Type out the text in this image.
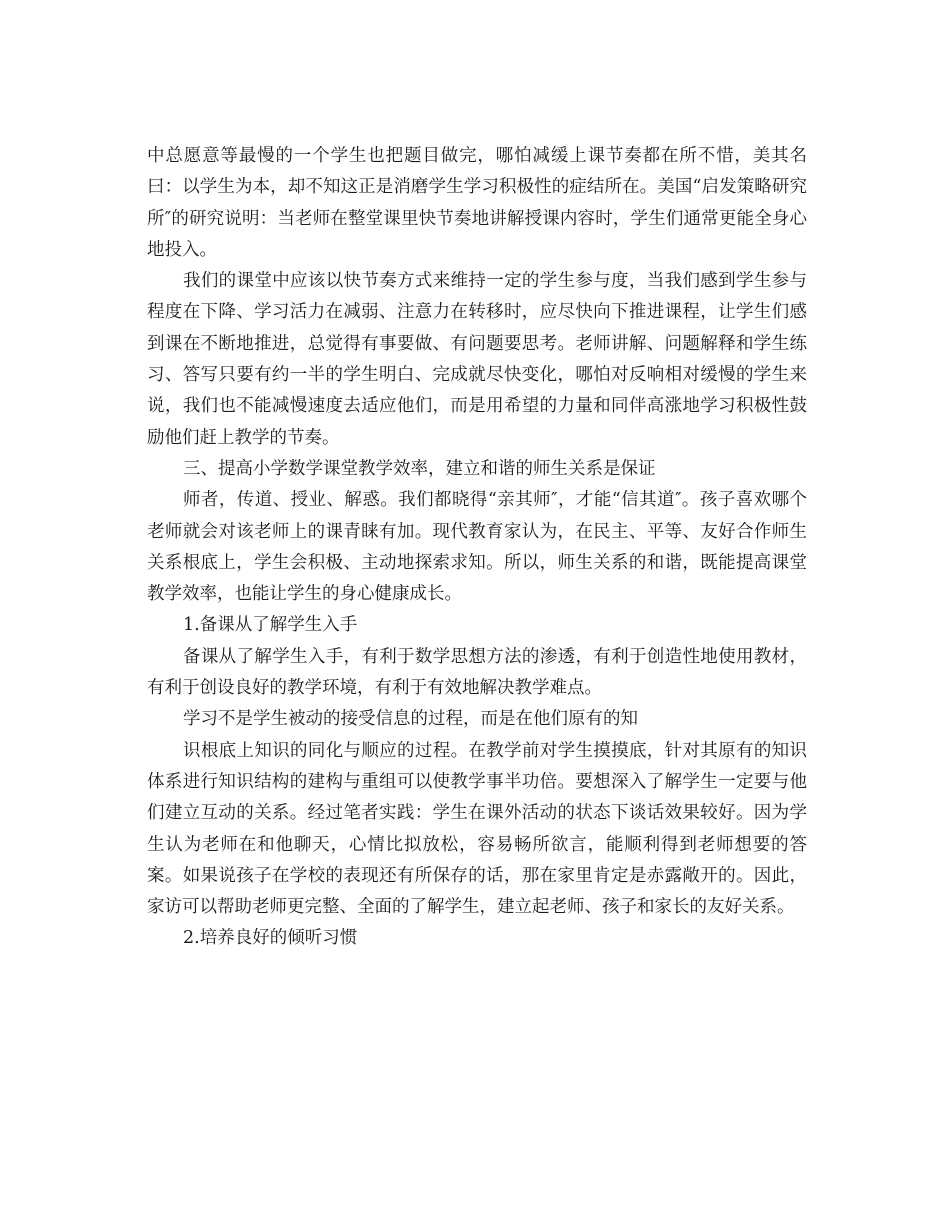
中总愿意等最慢的一个学生也把题目做完，哪怕减缓上课节奏都在所不惜，美其名曰：以学生为本，却不知这正是消磨学生学习积极性的症结所在。美国“启发策略研究所″的研究说明：当老师在整堂课里快节奏地讲解授课内容时，学生们通常更能全身心地投入。

我们的课堂中应该以快节奏方式来维持一定的学生参与度，当我们感到学生参与程度在下降、学习活力在减弱、注意力在转移时，应尽快向下推进课程，让学生们感到课在不断地推进，总觉得有事要做、有问题要思考。老师讲解、问题解释和学生练习、答写只要有约一半的学生明白、完成就尽快变化，哪怕对反响相对缓慢的学生来说，我们也不能减慢速度去适应他们，而是用希望的力量和同伴高涨地学习积极性鼓励他们赶上教学的节奏。

三、提高小学数学课堂教学效率，建立和谐的师生关系是保证

师者，传道、授业、解惑。我们都晓得“亲其师″，才能“信其道″。孩子喜欢哪个老师就会对该老师上的课青睐有加。现代教育家认为，在民主、平等、友好合作师生关系根底上，学生会积极、主动地探索求知。所以，师生关系的和谐，既能提高课堂教学效率，也能让学生的身心健康成长。

1.备课从了解学生入手

备课从了解学生入手，有利于数学思想方法的渗透，有利于创造性地使用教材，有利于创设良好的教学环境，有利于有效地解决教学难点。

学习不是学生被动的接受信息的过程，而是在他们原有的知

识根底上知识的同化与顺应的过程。在教学前对学生摸摸底，针对其原有的知识体系进行知识结构的建构与重组可以使教学事半功倍。要想深入了解学生一定要与他们建立互动的关系。经过笔者实践：学生在课外活动的状态下谈话效果较好。因为学生认为老师在和他聊天，心情比拟放松，容易畅所欲言，能顺利得到老师想要的答案。如果说孩子在学校的表现还有所保存的话，那在家里肯定是赤露敞开的。因此，家访可以帮助老师更完整、全面的了解学生，建立起老师、孩子和家长的友好关系。

2.培养良好的倾听习惯
